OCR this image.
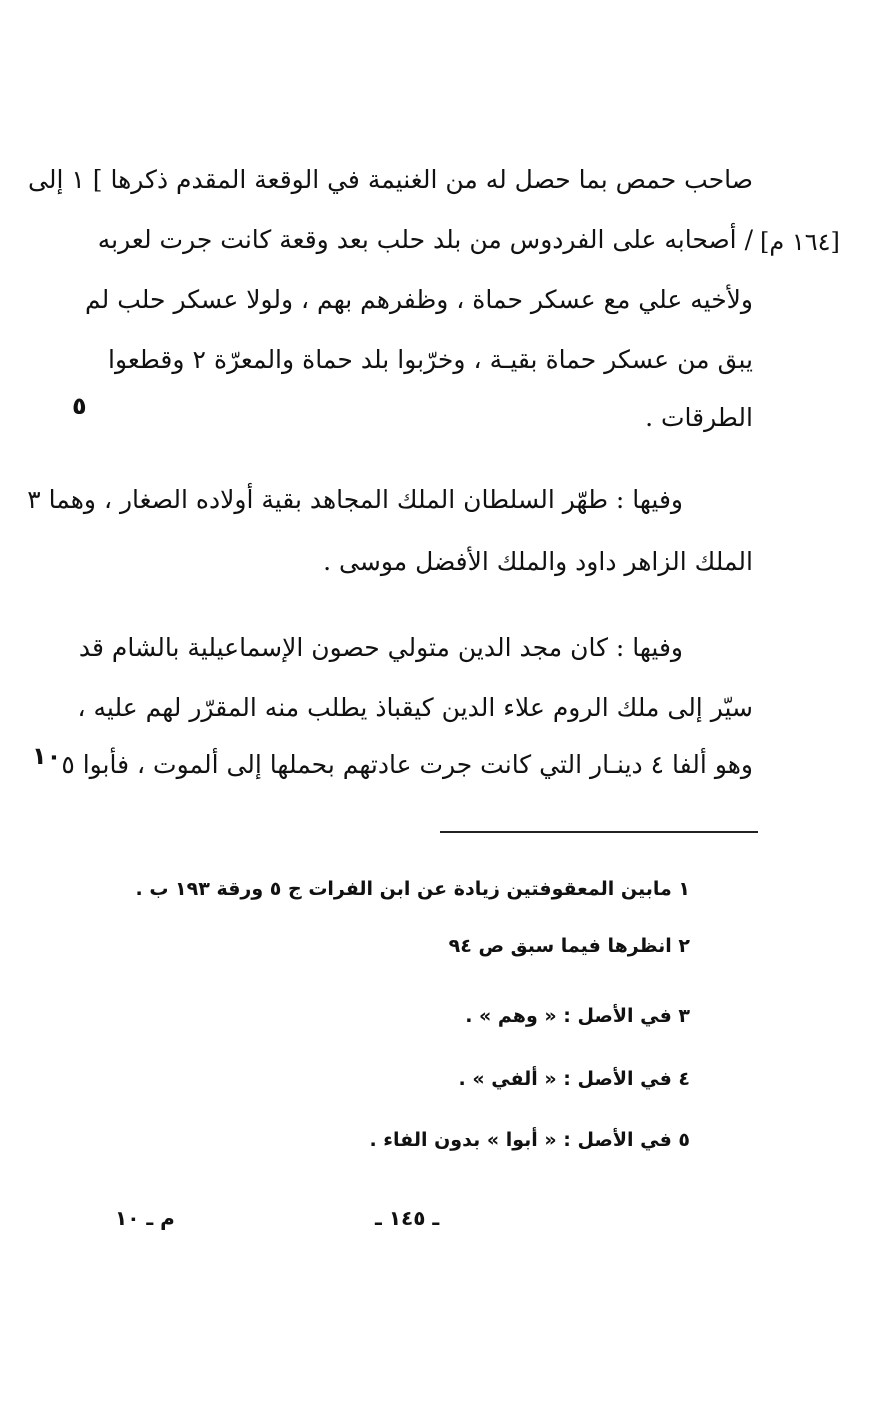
صاحب حمص بما حصل له من الغنيمة في الوقعة المقدم ذكرها ] ١ إلى
/ أصحابه على الفردوس من بلد حلب بعد وقعة كانت جرت لعربه [١٦٤ م]
ولأخيه علي مع عسكر حماة ، وظفرهم بهم ، ولولا عسكر حلب لم
يبق من عسكر حماة بقيـة ، وخرّبوا بلد حماة والمعرّة ٢ وقطعوا
الطرقات .
٥
وفيها : طهّر السلطان الملك المجاهد بقية أولاده الصغار ، وهما ٣
الملك الزاهر داود والملك الأفضل موسى .
وفيها : كان مجد الدين متولي حصون الإسماعيلية بالشام قد
سيّر إلى ملك الروم علاء الدين كيقباذ يطلب منه المقرّر لهم عليه ،
وهو ألفا ٤ دينـار التي كانت جرت عادتهم بحملها إلى ألموت ، فأبوا ٥
١٠
١ مابين المعقوفتين زيادة عن ابن الفرات ج ٥ ورقة ١٩٣ ب .
٢ انظرها فيما سبق ص ٩٤
٣ في الأصل : « وهم » .
٤ في الأصل : « ألفي » .
٥ في الأصل : « أبوا » بدون الفاء .
ـ ١٤٥ ـ
م ـ ١٠
